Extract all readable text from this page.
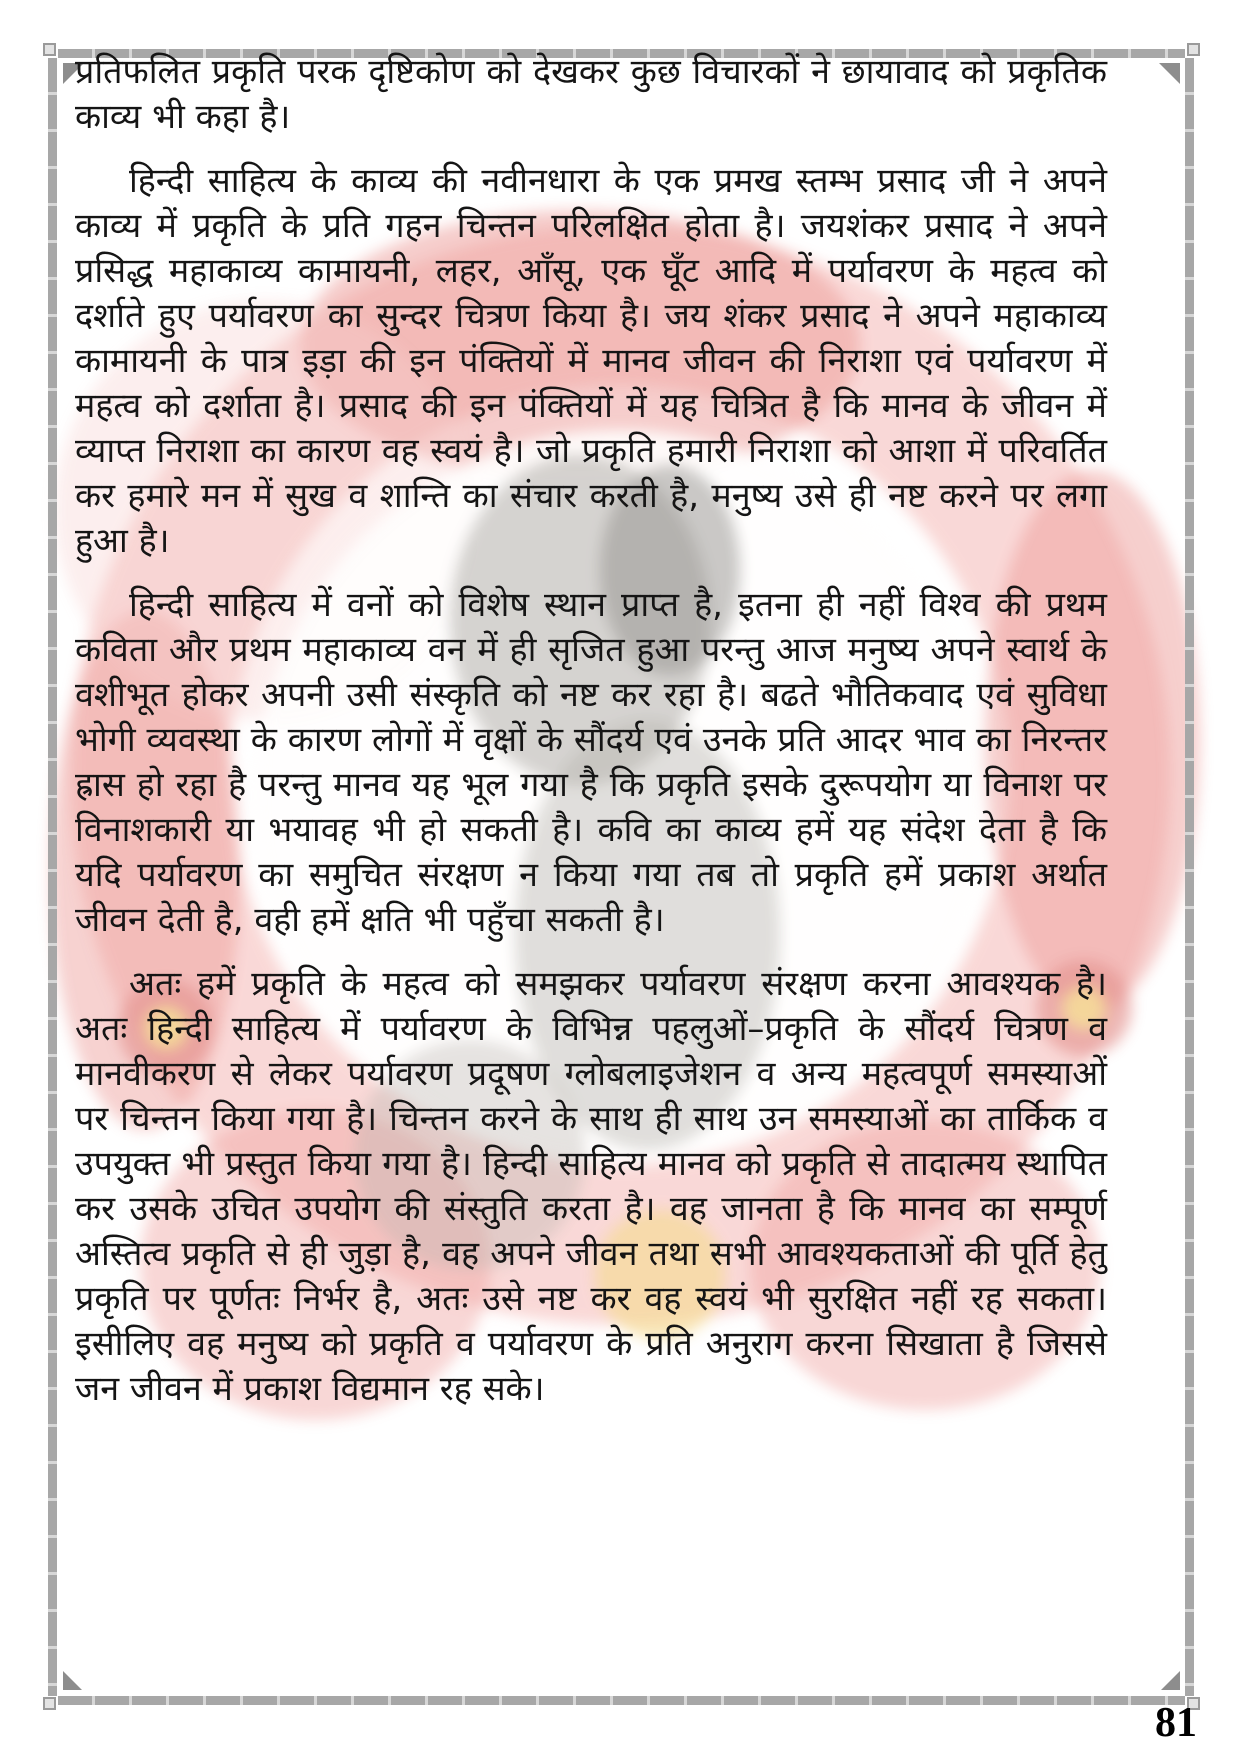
प्रतिफलित प्रकृति परक दृष्टिकोण को देखकर कुछ विचारकों ने छायावाद को प्रकृतिक काव्य भी कहा है।

हिन्दी साहित्य के काव्य की नवीनधारा के एक प्रमख स्तम्भ प्रसाद जी ने अपने काव्य में प्रकृति के प्रति गहन चिन्तन परिलक्षित होता है। जयशंकर प्रसाद ने अपने प्रसिद्ध महाकाव्य कामायनी, लहर, आँसू, एक घूँट आदि में पर्यावरण के महत्व को दर्शाते हुए पर्यावरण का सुन्दर चित्रण किया है। जय शंकर प्रसाद ने अपने महाकाव्य कामायनी के पात्र इड़ा की इन पंक्तियों में मानव जीवन की निराशा एवं पर्यावरण में महत्व को दर्शाता है। प्रसाद की इन पंक्तियों में यह चित्रित है कि मानव के जीवन में व्याप्त निराशा का कारण वह स्वयं है। जो प्रकृति हमारी निराशा को आशा में परिवर्तित कर हमारे मन में सुख व शान्ति का संचार करती है, मनुष्य उसे ही नष्ट करने पर लगा हुआ है।

हिन्दी साहित्य में वनों को विशेष स्थान प्राप्त है, इतना ही नहीं विश्व की प्रथम कविता और प्रथम महाकाव्य वन में ही सृजित हुआ परन्तु आज मनुष्य अपने स्वार्थ के वशीभूत होकर अपनी उसी संस्कृति को नष्ट कर रहा है। बढते भौतिकवाद एवं सुविधा भोगी व्यवस्था के कारण लोगों में वृक्षों के सौंदर्य एवं उनके प्रति आदर भाव का निरन्तर ह्रास हो रहा है परन्तु मानव यह भूल गया है कि प्रकृति इसके दुरूपयोग या विनाश पर विनाशकारी या भयावह भी हो सकती है। कवि का काव्य हमें यह संदेश देता है कि यदि पर्यावरण का समुचित संरक्षण न किया गया तब तो प्रकृति हमें प्रकाश अर्थात जीवन देती है, वही हमें क्षति भी पहुँचा सकती है।

अतः हमें प्रकृति के महत्व को समझकर पर्यावरण संरक्षण करना आवश्यक है। अतः हिन्दी साहित्य में पर्यावरण के विभिन्न पहलुओं–प्रकृति के सौंदर्य चित्रण व मानवीकरण से लेकर पर्यावरण प्रदूषण ग्लोबलाइजेशन व अन्य महत्वपूर्ण समस्याओं पर चिन्तन किया गया है। चिन्तन करने के साथ ही साथ उन समस्याओं का तार्किक व उपयुक्त भी प्रस्तुत किया गया है। हिन्दी साहित्य मानव को प्रकृति से तादात्मय स्थापित कर उसके उचित उपयोग की संस्तुति करता है। वह जानता है कि मानव का सम्पूर्ण अस्तित्व प्रकृति से ही जुड़ा है, वह अपने जीवन तथा सभी आवश्यकताओं की पूर्ति हेतु प्रकृति पर पूर्णतः निर्भर है, अतः उसे नष्ट कर वह स्वयं भी सुरक्षित नहीं रह सकता। इसीलिए वह मनुष्य को प्रकृति व पर्यावरण के प्रति अनुराग करना सिखाता है जिससे जन जीवन में प्रकाश विद्यमान रह सके।

81
